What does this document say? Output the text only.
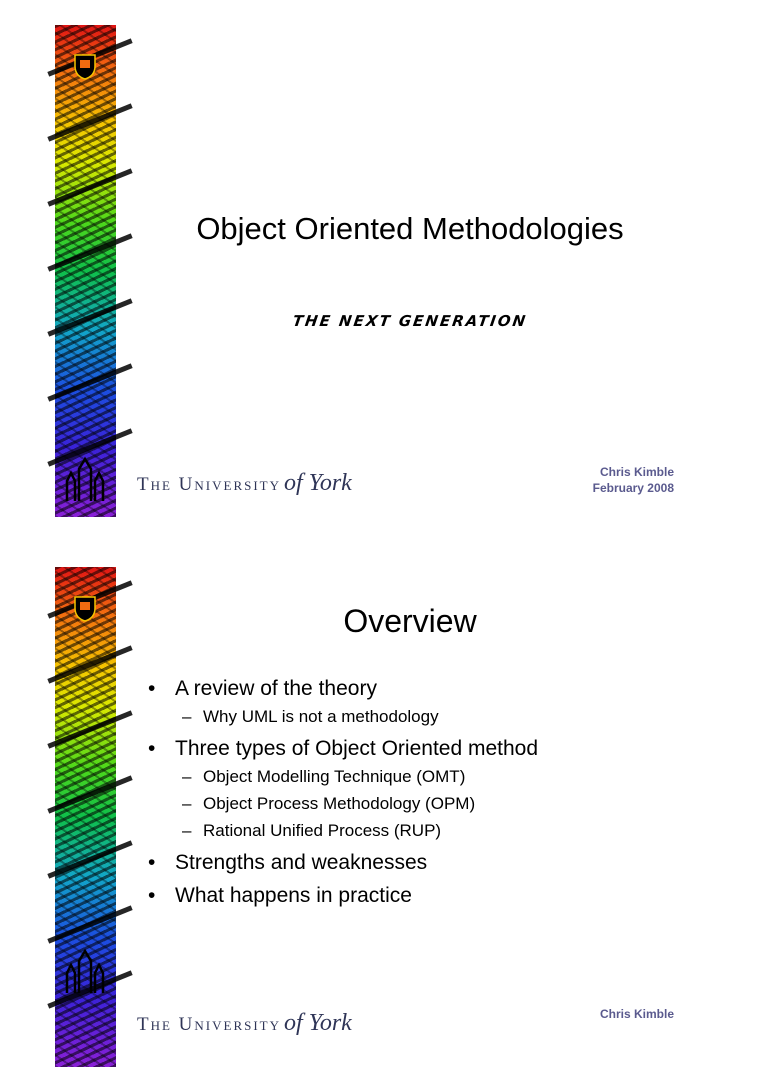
Object Oriented Methodologies
THE NEXT GENERATION
The University of York	Chris Kimble
February 2008
Overview
• A review of the theory
– Why UML is not a methodology
• Three types of Object Oriented method
– Object Modelling Technique (OMT)
– Object Process Methodology (OPM)
– Rational Unified Process (RUP)
• Strengths and weaknesses
• What happens in practice
The University of York	Chris Kimble
